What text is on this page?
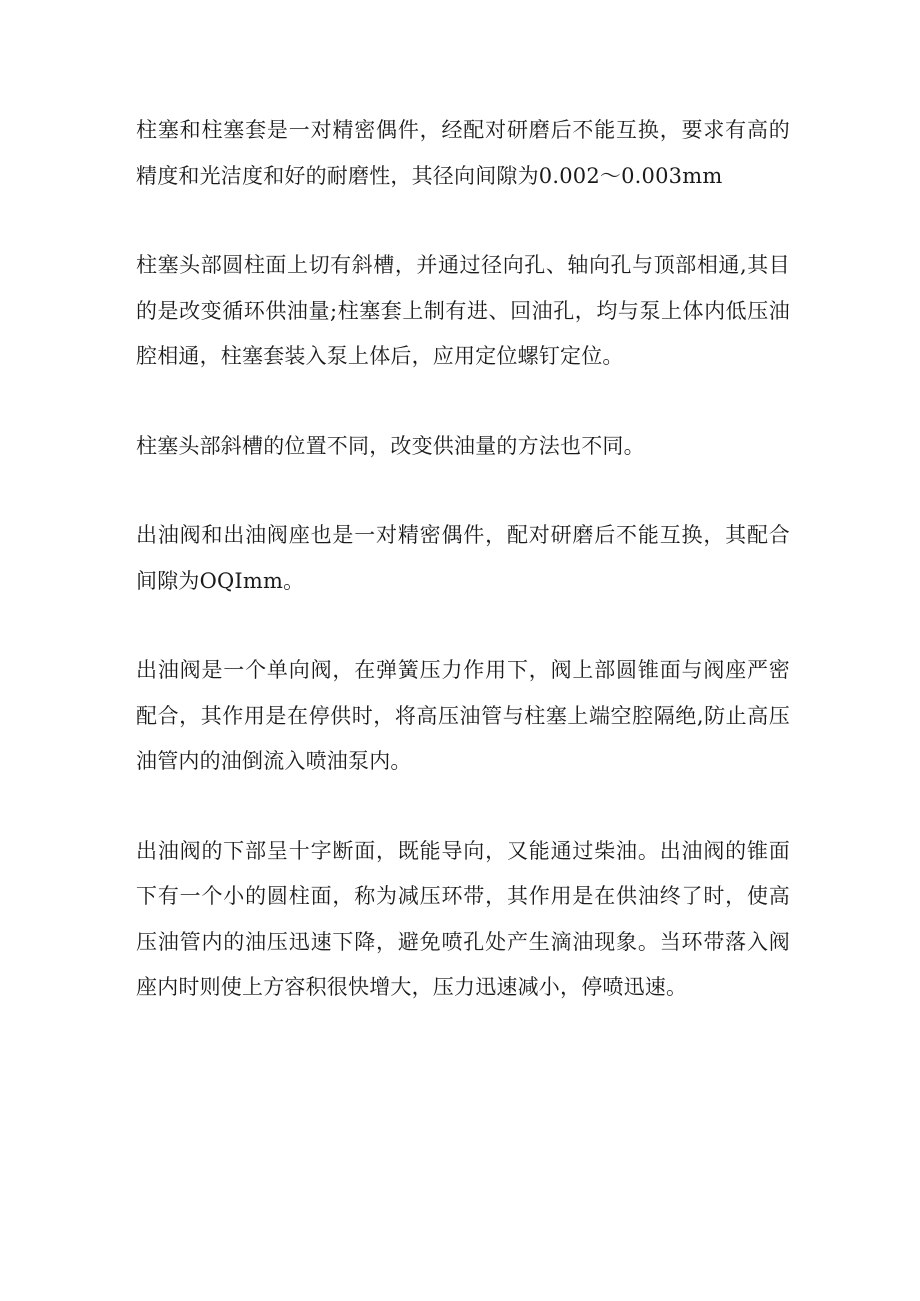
柱塞和柱塞套是一对精密偶件，经配对研磨后不能互换，要求有高的精度和光洁度和好的耐磨性，其径向间隙为0.002～0.003mm

柱塞头部圆柱面上切有斜槽，并通过径向孔、轴向孔与顶部相通,其目的是改变循环供油量;柱塞套上制有进、回油孔，均与泵上体内低压油腔相通，柱塞套装入泵上体后，应用定位螺钉定位。

柱塞头部斜槽的位置不同，改变供油量的方法也不同。

出油阀和出油阀座也是一对精密偶件，配对研磨后不能互换，其配合间隙为OQImm。

出油阀是一个单向阀，在弹簧压力作用下，阀上部圆锥面与阀座严密配合，其作用是在停供时，将高压油管与柱塞上端空腔隔绝,防止高压油管内的油倒流入喷油泵内。

出油阀的下部呈十字断面，既能导向，又能通过柴油。出油阀的锥面下有一个小的圆柱面，称为减压环带，其作用是在供油终了时，使高压油管内的油压迅速下降，避免喷孔处产生滴油现象。当环带落入阀座内时则使上方容积很快增大，压力迅速减小，停喷迅速。
